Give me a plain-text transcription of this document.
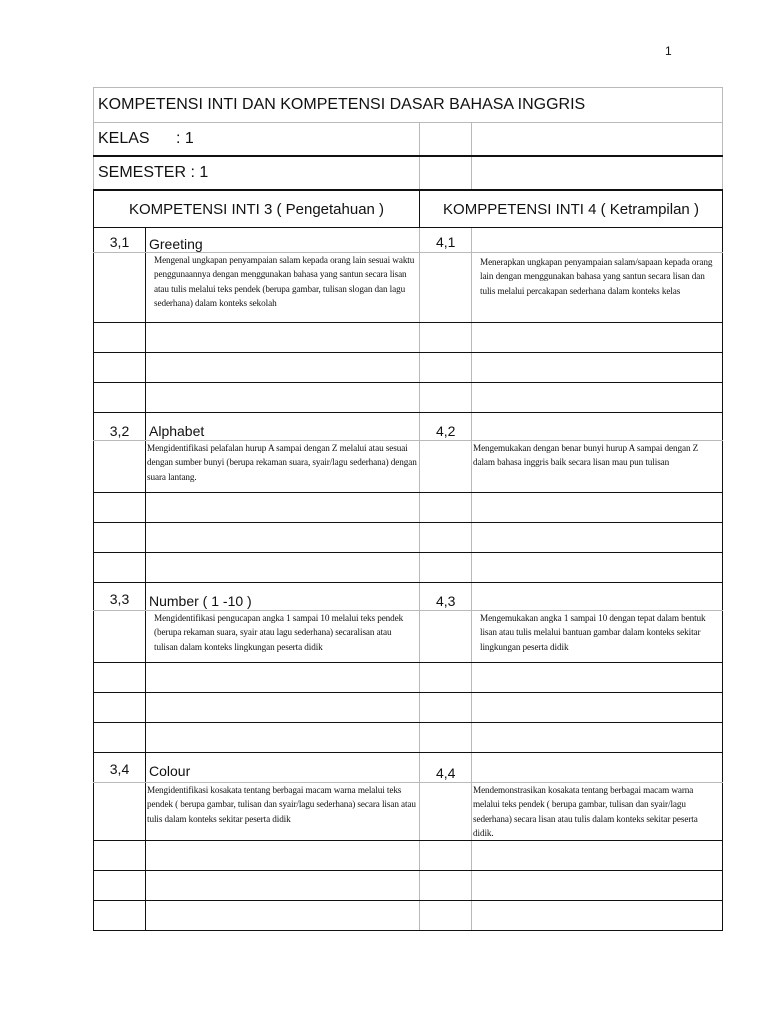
1
KOMPETENSI INTI DAN KOMPETENSI DASAR BAHASA INGGRIS			

KELAS : 1			

SEMESTER : 1			

KOMPETENSI INTI 3 ( Pengetahuan )		KOMPPETENSI INTI 4 ( Ketrampilan )	
3,1	Greeting	4,1	

	Mengenal ungkapan penyampaian salam kepada orang lain sesuai waktu penggunaannya dengan menggunakan bahasa yang santun secara lisan atau tulis melalui teks pendek (berupa gambar, tulisan slogan dan lagu sederhana) dalam konteks sekolah		Menerapkan ungkapan penyampaian salam/sapaan kepada orang lain dengan menggunakan bahasa yang santun secara lisan dan tulis melalui percakapan sederhana dalam konteks kelas

3,2	Alphabet	4,2	

	Mengidentifikasi pelafalan hurup A sampai dengan Z melalui atau sesuai dengan sumber bunyi (berupa rekaman suara, syair/lagu sederhana) dengan suara lantang.		Mengemukakan dengan benar bunyi hurup A sampai dengan Z dalam bahasa inggris baik secara lisan mau pun tulisan

3,3	Number ( 1 -10 )	4,3	

	Mengidentifikasi pengucapan angka 1 sampai 10 melalui teks pendek (berupa rekaman suara, syair atau lagu sederhana) secaralisan atau tulisan dalam konteks lingkungan peserta didik		Mengemukakan angka 1 sampai 10 dengan tepat dalam bentuk lisan atau tulis melalui bantuan gambar dalam konteks sekitar lingkungan peserta didik

3,4	Colour	4,4	

	Mengidentifikasi kosakata tentang berbagai macam warna melalui teks pendek ( berupa gambar, tulisan dan syair/lagu sederhana) secara lisan atau tulis dalam konteks sekitar peserta didik		Mendemonstrasikan kosakata tentang berbagai macam warna melalui teks pendek ( berupa gambar, tulisan dan syair/lagu sederhana) secara lisan atau tulis dalam konteks sekitar peserta didik.
